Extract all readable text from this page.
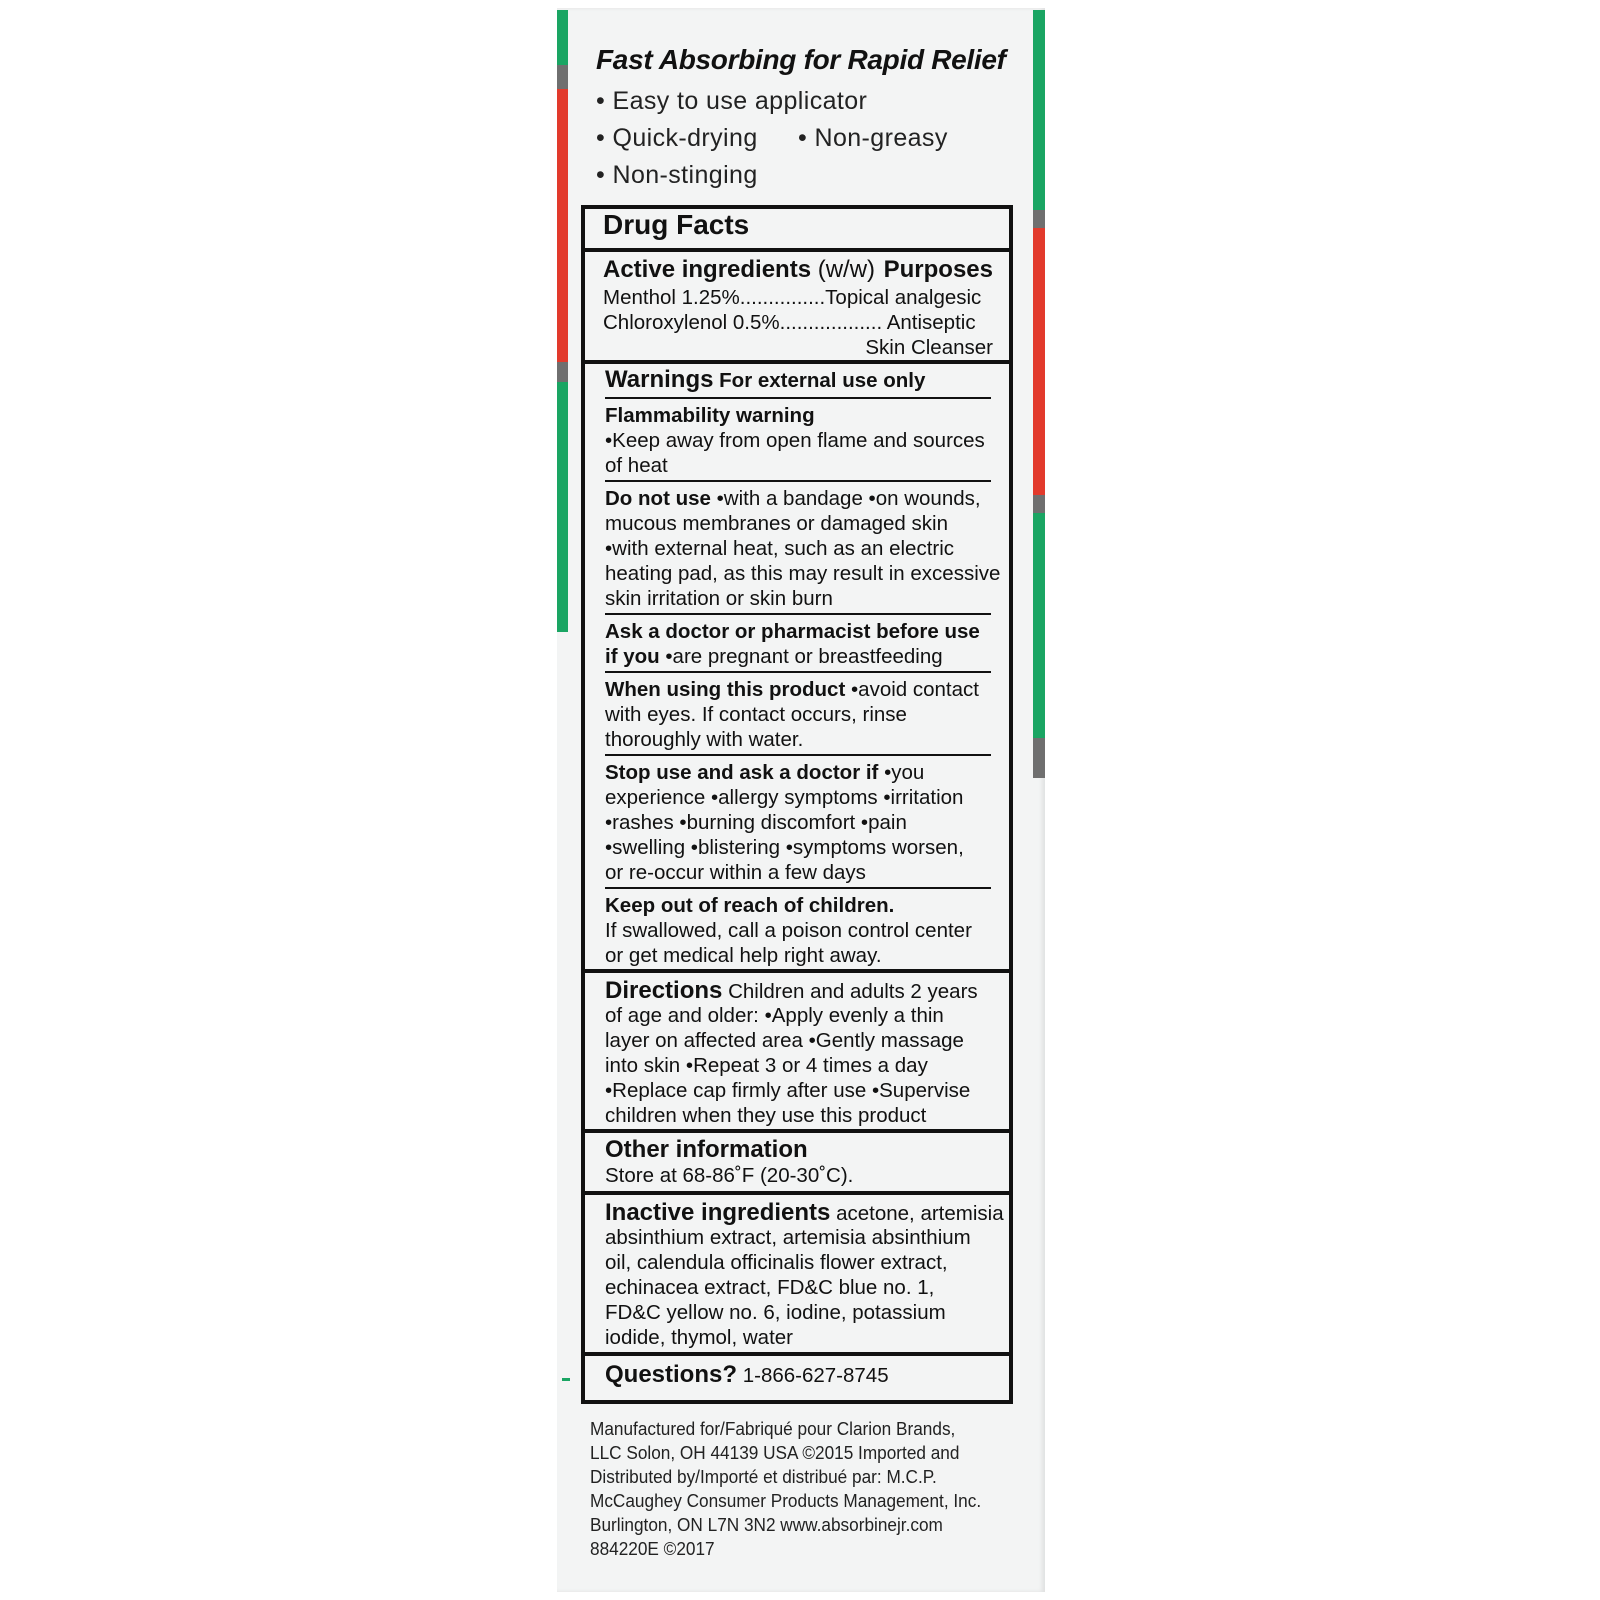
Fast Absorbing for Rapid Relief
• Easy to use applicator
• Quick-drying • Non-greasy
• Non-stinging
Drug Facts
Active ingredients (w/w) Purposes
Menthol 1.25%...............Topical analgesic
Chloroxylenol 0.5%.................. Antiseptic
Skin Cleanser
Warnings For external use only
Flammability warning
•Keep away from open flame and sources
of heat
Do not use •with a bandage •on wounds,
mucous membranes or damaged skin
•with external heat, such as an electric
heating pad, as this may result in excessive
skin irritation or skin burn
Ask a doctor or pharmacist before use
if you •are pregnant or breastfeeding
When using this product •avoid contact
with eyes. If contact occurs, rinse
thoroughly with water.
Stop use and ask a doctor if •you
experience •allergy symptoms •irritation
•rashes •burning discomfort •pain
•swelling •blistering •symptoms worsen,
or re-occur within a few days
Keep out of reach of children.
If swallowed, call a poison control center
or get medical help right away.
Directions Children and adults 2 years
of age and older: •Apply evenly a thin
layer on affected area •Gently massage
into skin •Repeat 3 or 4 times a day
•Replace cap firmly after use •Supervise
children when they use this product
Other information
Store at 68-86˚F (20-30˚C).
Inactive ingredients acetone, artemisia
absinthium extract, artemisia absinthium
oil, calendula officinalis flower extract,
echinacea extract, FD&C blue no. 1,
FD&C yellow no. 6, iodine, potassium
iodide, thymol, water
Questions? 1-866-627-8745
Manufactured for/Fabriqué pour Clarion Brands,
LLC Solon, OH 44139 USA ©2015 Imported and
Distributed by/Importé et distribué par: M.C.P.
McCaughey Consumer Products Management, Inc.
Burlington, ON L7N 3N2 www.absorbinejr.com
884220E ©2017
